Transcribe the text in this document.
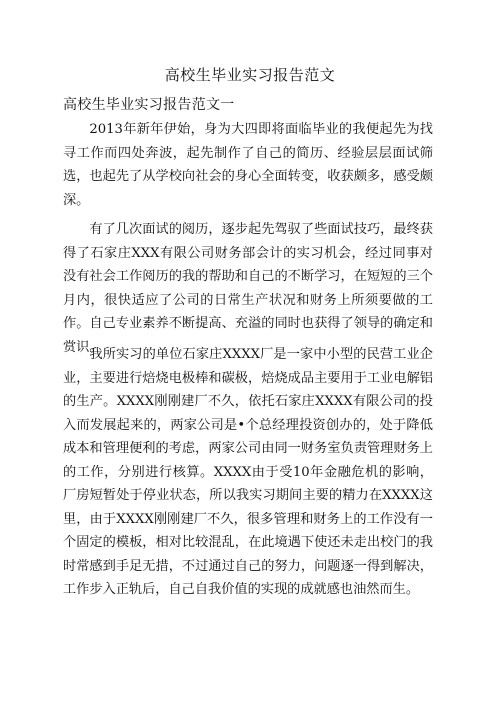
高校生毕业实习报告范文
高校生毕业实习报告范文一

2013年新年伊始，身为大四即将面临毕业的我便起先为找寻工作而四处奔波，起先制作了自己的简历、经验层层面试筛选，也起先了从学校向社会的身心全面转变，收获颇多，感受颇深。

有了几次面试的阅历，逐步起先驾驭了些面试技巧，最终获得了石家庄XXX有限公司财务部会计的实习机会，经过同事对没有社会工作阅历的我的帮助和自己的不断学习，在短短的三个月内，很快适应了公司的日常生产状况和财务上所须要做的工作。自己专业素养不断提高、充溢的同时也获得了领导的确定和赏识。

我所实习的单位石家庄XXXX厂是一家中小型的民营工业企业，主要进行焙烧电极棒和碳极，焙烧成品主要用于工业电解铝的生产。XXXX刚刚建厂不久，依托石家庄XXXX有限公司的投入而发展起来的，两家公司是•个总经理投资创办的，处于降低成本和管理便利的考虑，两家公司由同一财务室负责管理财务上的工作，分别进行核算。XXXX由于受10年金融危机的影响，厂房短暂处于停业状态，所以我实习期间主要的精力在XXXX这里，由于XXXX刚刚建厂不久，很多管理和财务上的工作没有一个固定的模板，相对比较混乱，在此境遇下使还未走出校门的我时常感到手足无措，不过通过自己的努力，问题逐一得到解决，工作步入正轨后，自己自我价值的实现的成就感也油然而生。
